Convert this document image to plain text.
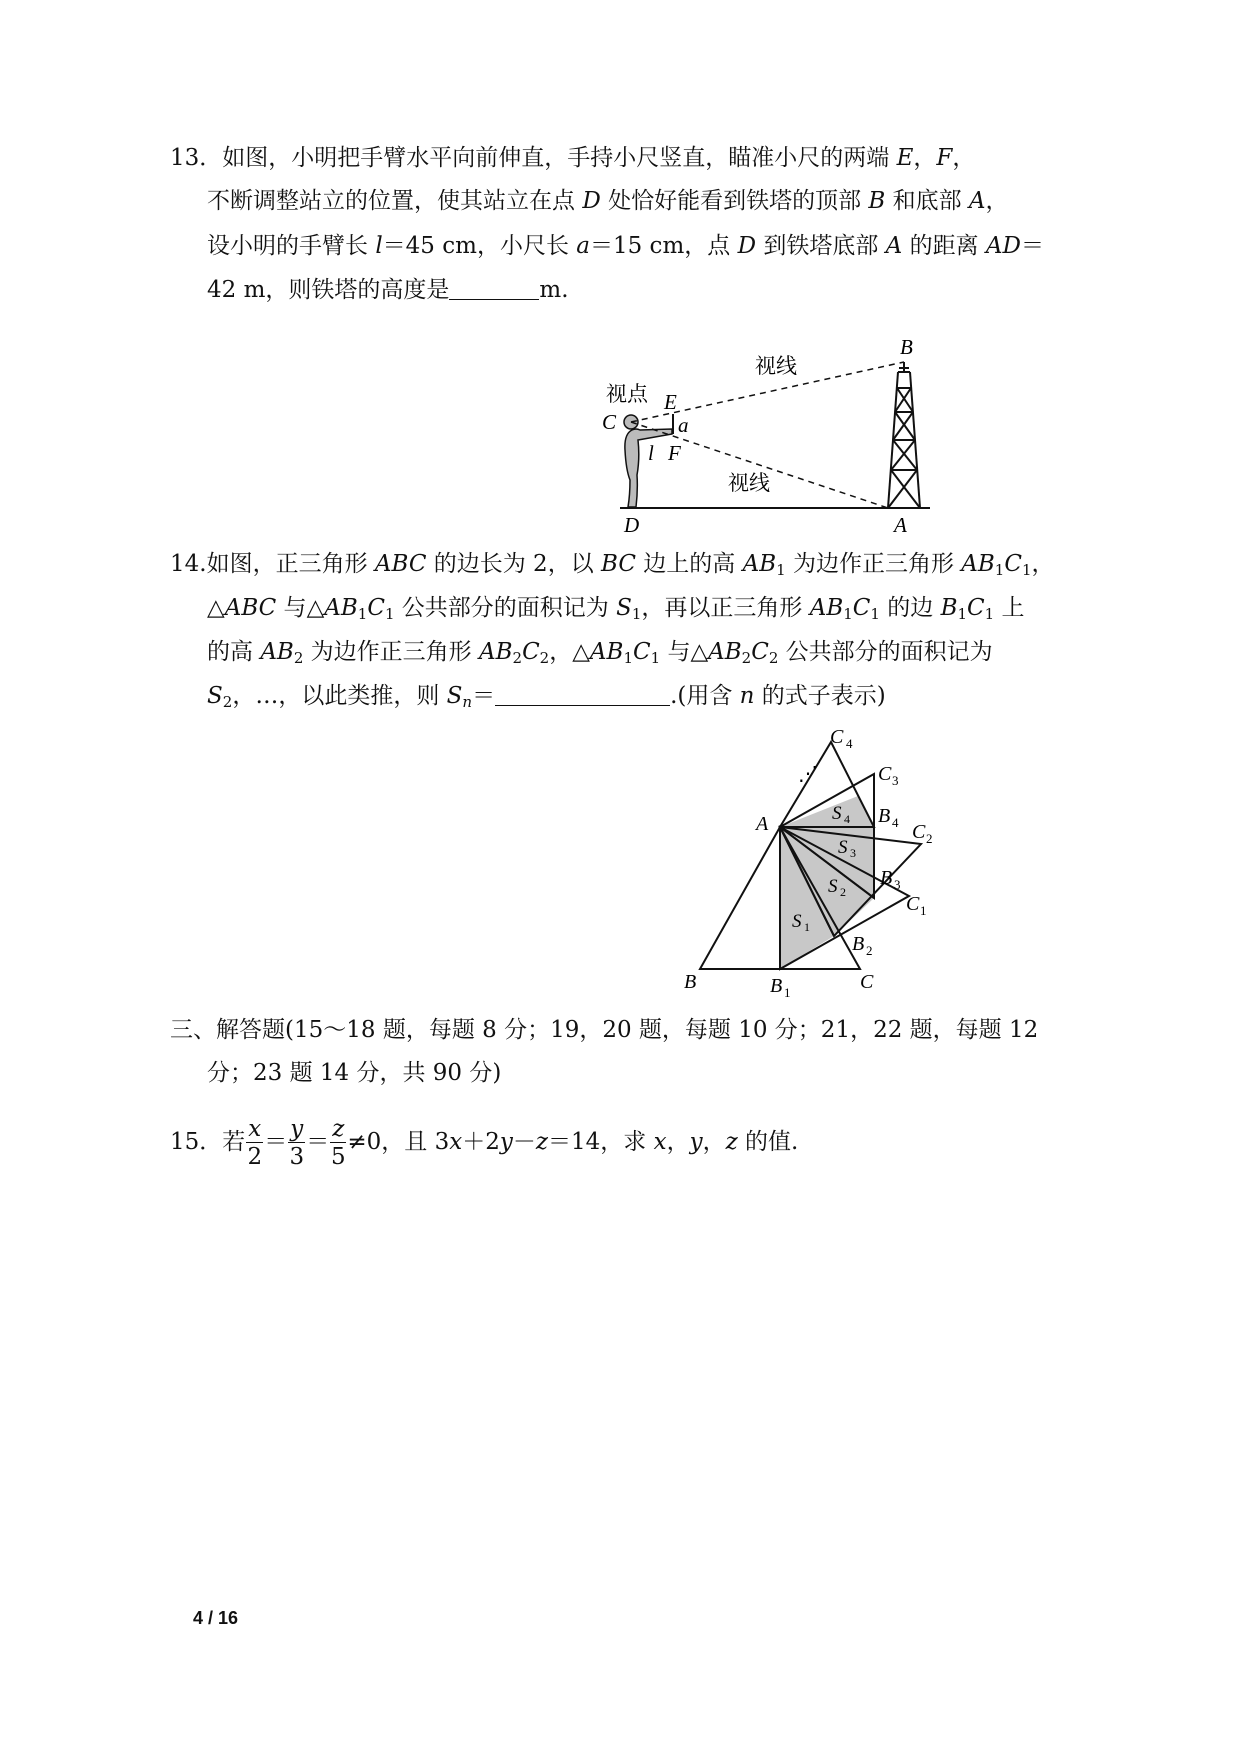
13．如图，小明把手臂水平向前伸直，手持小尺竖直，瞄准小尺的两端 E，F，
不断调整站立的位置，使其站立在点 D 处恰好能看到铁塔的顶部 B 和底部 A，
设小明的手臂长 l＝45 cm，小尺长 a＝15 cm，点 D 到铁塔底部 A 的距离 AD＝
42 m，则铁塔的高度是	m.
视线
视线
视点
B
E
C	a
l F
D	A
14.如图，正三角形 ABC 的边长为 2，以 BC 边上的高 $AB_1$ 为边作正三角形 $AB_1C_1$，
△ABC 与$\triangle AB_1C_1$ 公共部分的面积记为 $S_1$，再以正三角形 $AB_1C_1$ 的边 $B_1C_1$ 上
的高 $AB_2$ 为边作正三角形 $AB_2C_2$，$\triangle AB_1C_1$ 与$\triangle AB_2C_2$ 公共部分的面积记为
$S_2$，…，以此类推，则 $S_n=$	.(用含 n 的式子表示)
C 4
C 3
B 4 C 2
A
B 3
C 1
B 2
B	B 1	C
S 4
S 3
S 2
S 1
⋰
三、解答题(15～18 题，每题 8 分；19，20 题，每题 10 分；21，22 题，每题 12
分；23 题 14 分，共 90 分)
15．若 $\frac{x}{2} = \frac{y}{3} = \frac{z}{5} \ne 0$，且 3x＋2y－z＝14，求 x，y，z 的值.
4 / 16
